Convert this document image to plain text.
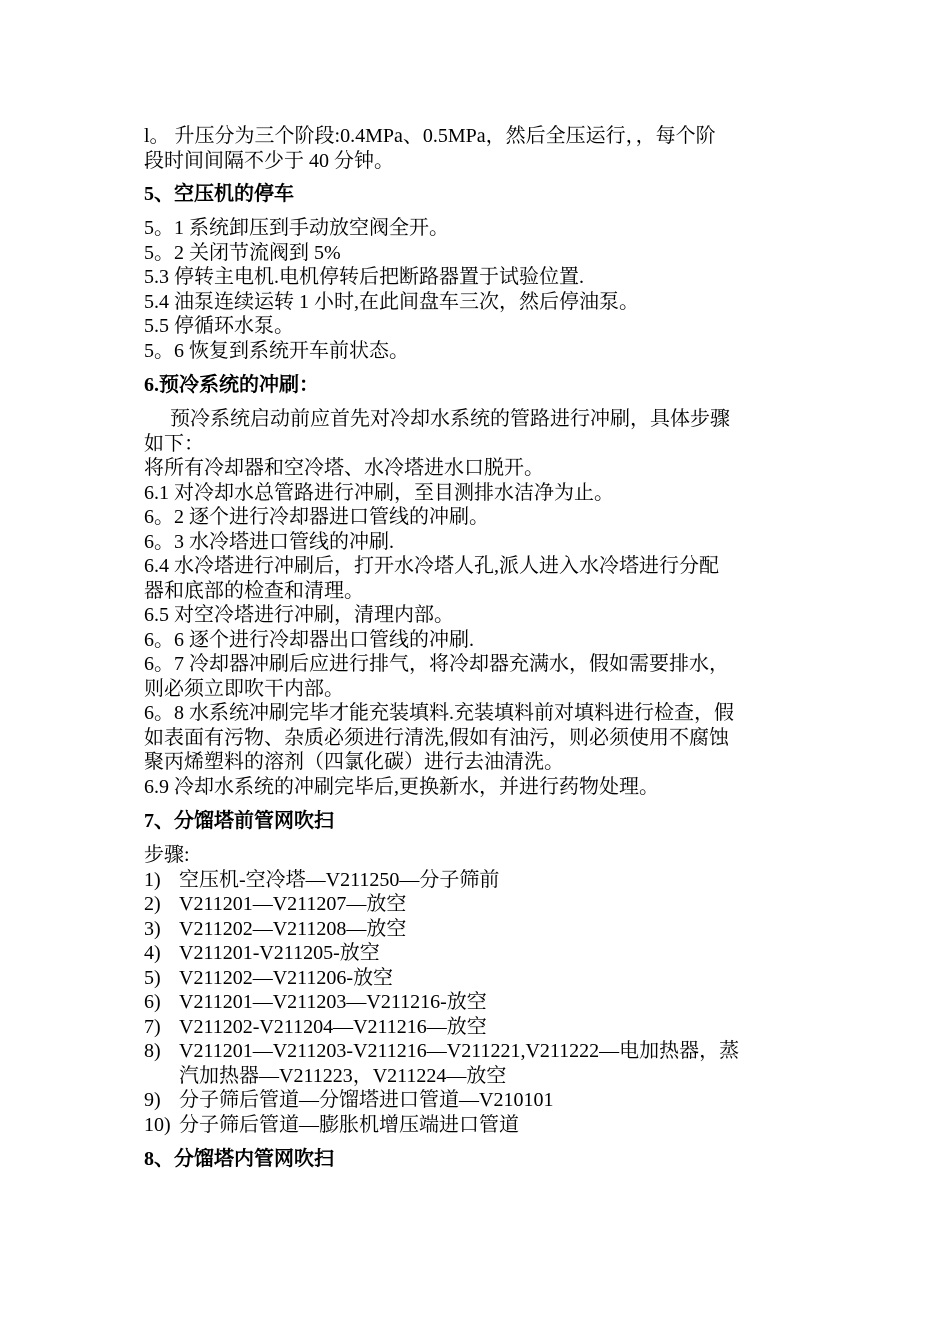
l。 升压分为三个阶段:0.4MPa、0.5MPa，然后全压运行，，每个阶
段时间间隔不少于 40 分钟。
5、空压机的停车
5。1 系统卸压到手动放空阀全开。
5。2 关闭节流阀到 5%
5.3 停转主电机.电机停转后把断路器置于试验位置.
5.4 油泵连续运转 1 小时,在此间盘车三次，然后停油泵。
5.5 停循环水泵。
5。6 恢复到系统开车前状态。
6.预冷系统的冲刷：
预冷系统启动前应首先对冷却水系统的管路进行冲刷，具体步骤
如下：
将所有冷却器和空冷塔、水冷塔进水口脱开。
6.1 对冷却水总管路进行冲刷，至目测排水洁净为止。
6。2 逐个进行冷却器进口管线的冲刷。
6。3 水冷塔进口管线的冲刷.
6.4 水冷塔进行冲刷后，打开水冷塔人孔,派人进入水冷塔进行分配
器和底部的检查和清理。
6.5 对空冷塔进行冲刷，清理内部。
6。6 逐个进行冷却器出口管线的冲刷.
6。7 冷却器冲刷后应进行排气，将冷却器充满水，假如需要排水，
则必须立即吹干内部。
6。8 水系统冲刷完毕才能充装填料.充装填料前对填料进行检查，假
如表面有污物、杂质必须进行清洗,假如有油污，则必须使用不腐蚀
聚丙烯塑料的溶剂（四氯化碳）进行去油清洗。
6.9 冷却水系统的冲刷完毕后,更换新水，并进行药物处理。
7、分馏塔前管网吹扫
步骤:
1) 空压机-空冷塔—V211250—分子筛前
2) V211201—V211207—放空
3) V211202—V211208—放空
4) V211201-V211205-放空
5) V211202—V211206-放空
6) V211201—V211203—V211216-放空
7) V211202-V211204—V211216—放空
8) V211201—V211203-V211216—V211221,V211222—电加热器，蒸
汽加热器—V211223，V211224—放空
9) 分子筛后管道—分馏塔进口管道—V210101
10) 分子筛后管道—膨胀机增压端进口管道
8、分馏塔内管网吹扫
